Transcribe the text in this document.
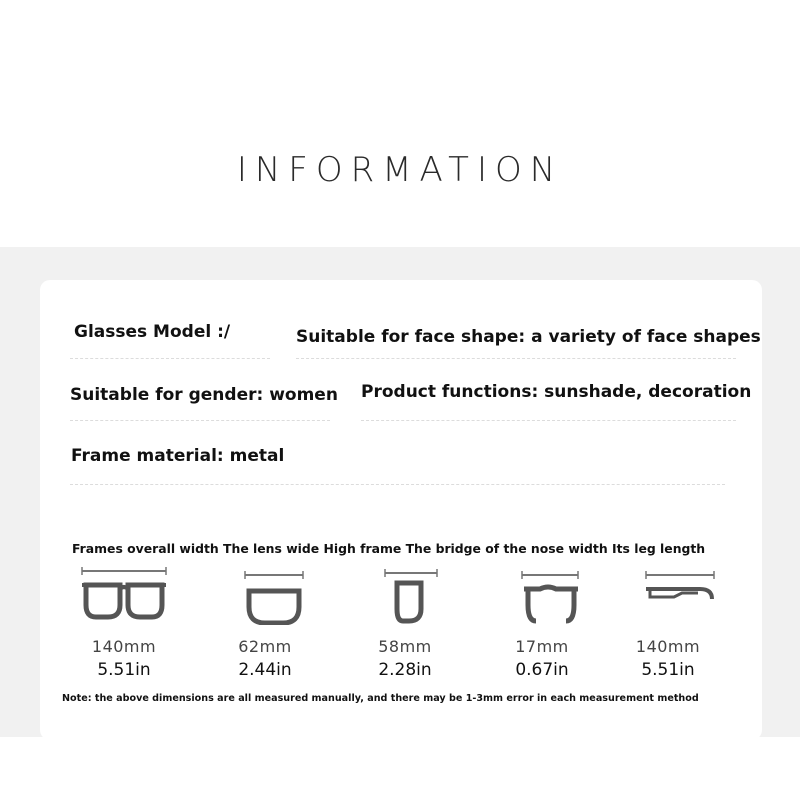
INFORMATION
Glasses Model :/	Suitable for face shape: a variety of face shapes
Suitable for gender: women Product functions: sunshade, decoration
Frame material: metal
Frames overall width The lens wide High frame The bridge of the nose width Its leg length
140mm
5.51in
62mm
2.44in
58mm
2.28in
17mm
0.67in
140mm
5.51in
Note: the above dimensions are all measured manually, and there may be 1-3mm error in each measurement method
